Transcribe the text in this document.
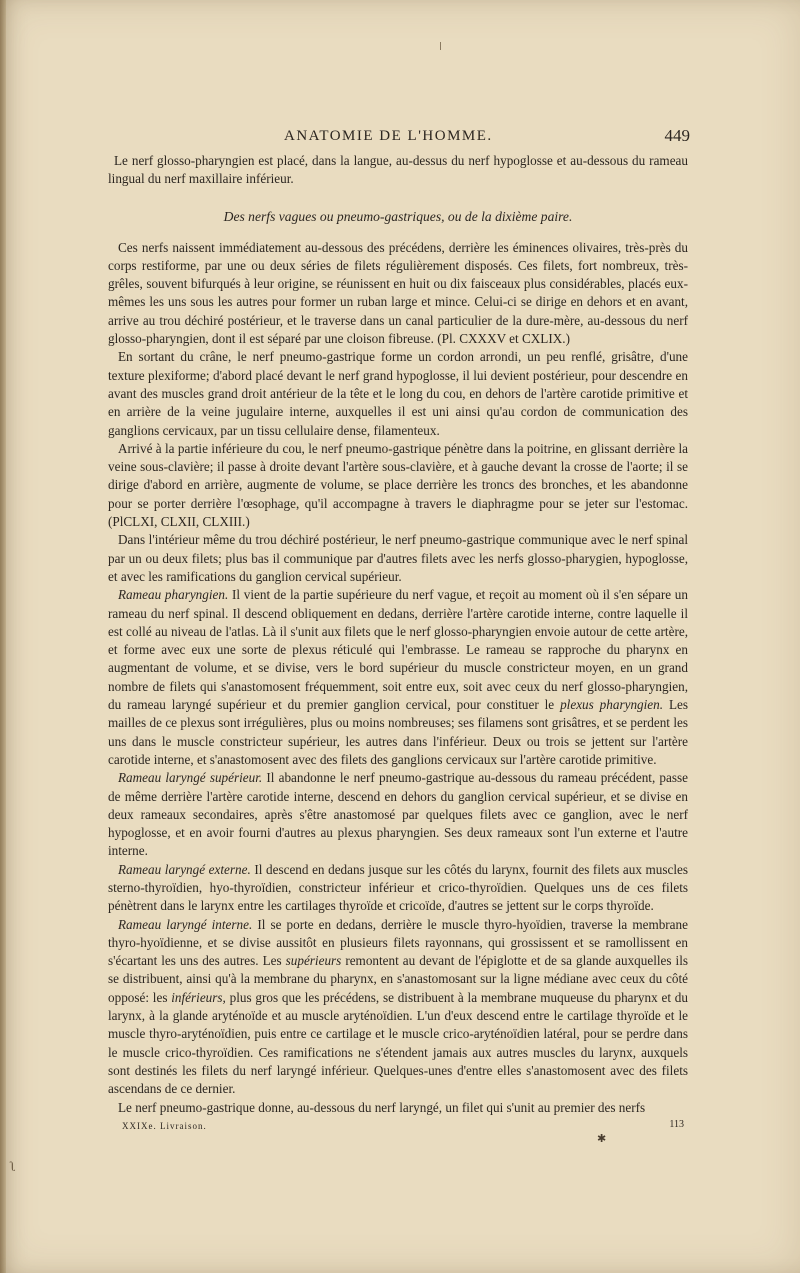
ANATOMIE DE L'HOMME.	449

Le nerf glosso-pharyngien est placé, dans la langue, au-dessus du nerf hypoglosse et au-dessous du rameau lingual du nerf maxillaire inférieur.

Des nerfs vagues ou pneumo-gastriques, ou de la dixième paire.

Ces nerfs naissent immédiatement au-dessous des précédens, derrière les éminences olivaires, très-près du corps restiforme, par une ou deux séries de filets régulièrement disposés. Ces filets, fort nombreux, très-grêles, souvent bifurqués à leur origine, se réunissent en huit ou dix faisceaux plus considérables, placés eux-mêmes les uns sous les autres pour former un ruban large et mince. Celui-ci se dirige en dehors et en avant, arrive au trou déchiré postérieur, et le traverse dans un canal particulier de la dure-mère, au-dessous du nerf glosso-pharyngien, dont il est séparé par une cloison fibreuse. (Pl. CXXXV et CXLIX.)

En sortant du crâne, le nerf pneumo-gastrique forme un cordon arrondi, un peu renflé, grisâtre, d'une texture plexiforme; d'abord placé devant le nerf grand hypoglosse, il lui devient postérieur, pour descendre en avant des muscles grand droit antérieur de la tête et le long du cou, en dehors de l'artère carotide primitive et en arrière de la veine jugulaire interne, auxquelles il est uni ainsi qu'au cordon de communication des ganglions cervicaux, par un tissu cellulaire dense, filamenteux.

Arrivé à la partie inférieure du cou, le nerf pneumo-gastrique pénètre dans la poitrine, en glissant derrière la veine sous-clavière; il passe à droite devant l'artère sous-clavière, et à gauche devant la crosse de l'aorte; il se dirige d'abord en arrière, augmente de volume, se place derrière les troncs des bronches, et les abandonne pour se porter derrière l'œsophage, qu'il accompagne à travers le diaphragme pour se jeter sur l'estomac. (PlCLXI, CLXII, CLXIII.)

Dans l'intérieur même du trou déchiré postérieur, le nerf pneumo-gastrique communique avec le nerf spinal par un ou deux filets; plus bas il communique par d'autres filets avec les nerfs glosso-pharygien, hypoglosse, et avec les ramifications du ganglion cervical supérieur.

Rameau pharyngien. Il vient de la partie supérieure du nerf vague, et reçoit au moment où il s'en sépare un rameau du nerf spinal. Il descend obliquement en dedans, derrière l'artère carotide interne, contre laquelle il est collé au niveau de l'atlas. Là il s'unit aux filets que le nerf glosso-pharyngien envoie autour de cette artère, et forme avec eux une sorte de plexus réticulé qui l'embrasse. Le rameau se rapproche du pharynx en augmentant de volume, et se divise, vers le bord supérieur du muscle constricteur moyen, en un grand nombre de filets qui s'anastomosent fréquemment, soit entre eux, soit avec ceux du nerf glosso-pharyngien, du rameau laryngé supérieur et du premier ganglion cervical, pour constituer le plexus pharyngien. Les mailles de ce plexus sont irrégulières, plus ou moins nombreuses; ses filamens sont grisâtres, et se perdent les uns dans le muscle constricteur supérieur, les autres dans l'inférieur. Deux ou trois se jettent sur l'artère carotide interne, et s'anastomosent avec des filets des ganglions cervicaux sur l'artère carotide primitive.

Rameau laryngé supérieur. Il abandonne le nerf pneumo-gastrique au-dessous du rameau précédent, passe de même derrière l'artère carotide interne, descend en dehors du ganglion cervical supérieur, et se divise en deux rameaux secondaires, après s'être anastomosé par quelques filets avec ce ganglion, avec le nerf hypoglosse, et en avoir fourni d'autres au plexus pharyngien. Ses deux rameaux sont l'un externe et l'autre interne.

Rameau laryngé externe. Il descend en dedans jusque sur les côtés du larynx, fournit des filets aux muscles sterno-thyroïdien, hyo-thyroïdien, constricteur inférieur et crico-thyroïdien. Quelques uns de ces filets pénètrent dans le larynx entre les cartilages thyroïde et cricoïde, d'autres se jettent sur le corps thyroïde.

Rameau laryngé interne. Il se porte en dedans, derrière le muscle thyro-hyoïdien, traverse la membrane thyro-hyoïdienne, et se divise aussitôt en plusieurs filets rayonnans, qui grossissent et se ramollissent en s'écartant les uns des autres. Les supérieurs remontent au devant de l'épiglotte et de sa glande auxquelles ils se distribuent, ainsi qu'à la membrane du pharynx, en s'anastomosant sur la ligne médiane avec ceux du côté opposé: les inférieurs, plus gros que les précédens, se distribuent à la membrane muqueuse du pharynx et du larynx, à la glande aryténoïde et au muscle aryténoïdien. L'un d'eux descend entre le cartilage thyroïde et le muscle thyro-aryténoïdien, puis entre ce cartilage et le muscle crico-aryténoïdien latéral, pour se perdre dans le muscle crico-thyroïdien. Ces ramifications ne s'étendent jamais aux autres muscles du larynx, auxquels sont destinés les filets du nerf laryngé inférieur. Quelques-unes d'entre elles s'anastomosent avec des filets ascendans de ce dernier.

Le nerf pneumo-gastrique donne, au-dessous du nerf laryngé, un filet qui s'unit au premier des nerfs

XXIXe. Livraison.	113
✱
ʅ
